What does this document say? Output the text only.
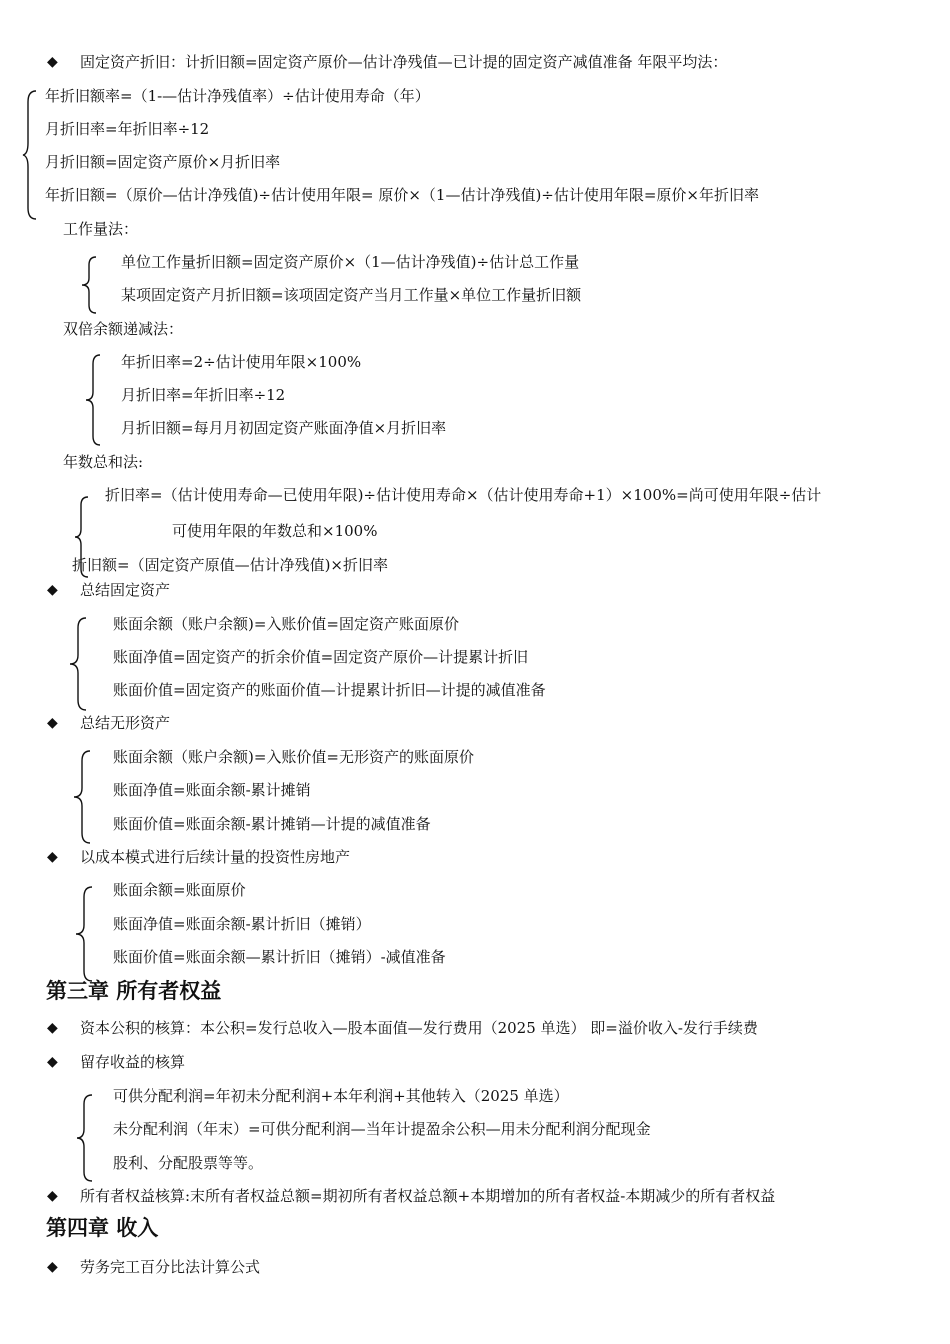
◆ 固定资产折旧：计折旧额=固定资产原价—估计净残值—已计提的固定资产减值准备 年限平均法：
年折旧额率=（1-—估计净残值率）÷估计使用寿命（年）
月折旧率=年折旧率÷12
月折旧额=固定资产原价×月折旧率
年折旧额=（原价—估计净残值)÷估计使用年限= 原价×（1—估计净残值)÷估计使用年限=原价×年折旧率
工作量法：
单位工作量折旧额=固定资产原价×（1—估计净残值)÷估计总工作量
某项固定资产月折旧额=该项固定资产当月工作量×单位工作量折旧额
双倍余额递减法：
年折旧率=2÷估计使用年限×100%
月折旧率=年折旧率÷12
月折旧额=每月月初固定资产账面净值×月折旧率
年数总和法:
折旧率=（估计使用寿命—已使用年限)÷估计使用寿命×（估计使用寿命+1）×100%=尚可使用年限÷估计
可使用年限的年数总和×100%
折旧额=（固定资产原值—估计净残值)×折旧率
◆ 总结固定资产
账面余额（账户余额)=入账价值=固定资产账面原价
账面净值=固定资产的折余价值=固定资产原价—计提累计折旧
账面价值=固定资产的账面价值—计提累计折旧—计提的减值准备
◆ 总结无形资产
账面余额（账户余额)=入账价值=无形资产的账面原价
账面净值=账面余额-累计摊销
账面价值=账面余额-累计摊销—计提的减值准备
◆ 以成本模式进行后续计量的投资性房地产
账面余额=账面原价
账面净值=账面余额-累计折旧（摊销）
账面价值=账面余额—累计折旧（摊销）-减值准备
第三章 所有者权益
◆ 资本公积的核算：本公积=发行总收入—股本面值—发行费用（2025 单选） 即=溢价收入-发行手续费
◆ 留存收益的核算
可供分配利润=年初未分配利润+本年利润+其他转入（2025 单选）
未分配利润（年末）=可供分配利润—当年计提盈余公积—用未分配利润分配现金
股利、分配股票等等。
◆ 所有者权益核算:末所有者权益总额=期初所有者权益总额+本期增加的所有者权益-本期减少的所有者权益
第四章 收入
◆ 劳务完工百分比法计算公式
